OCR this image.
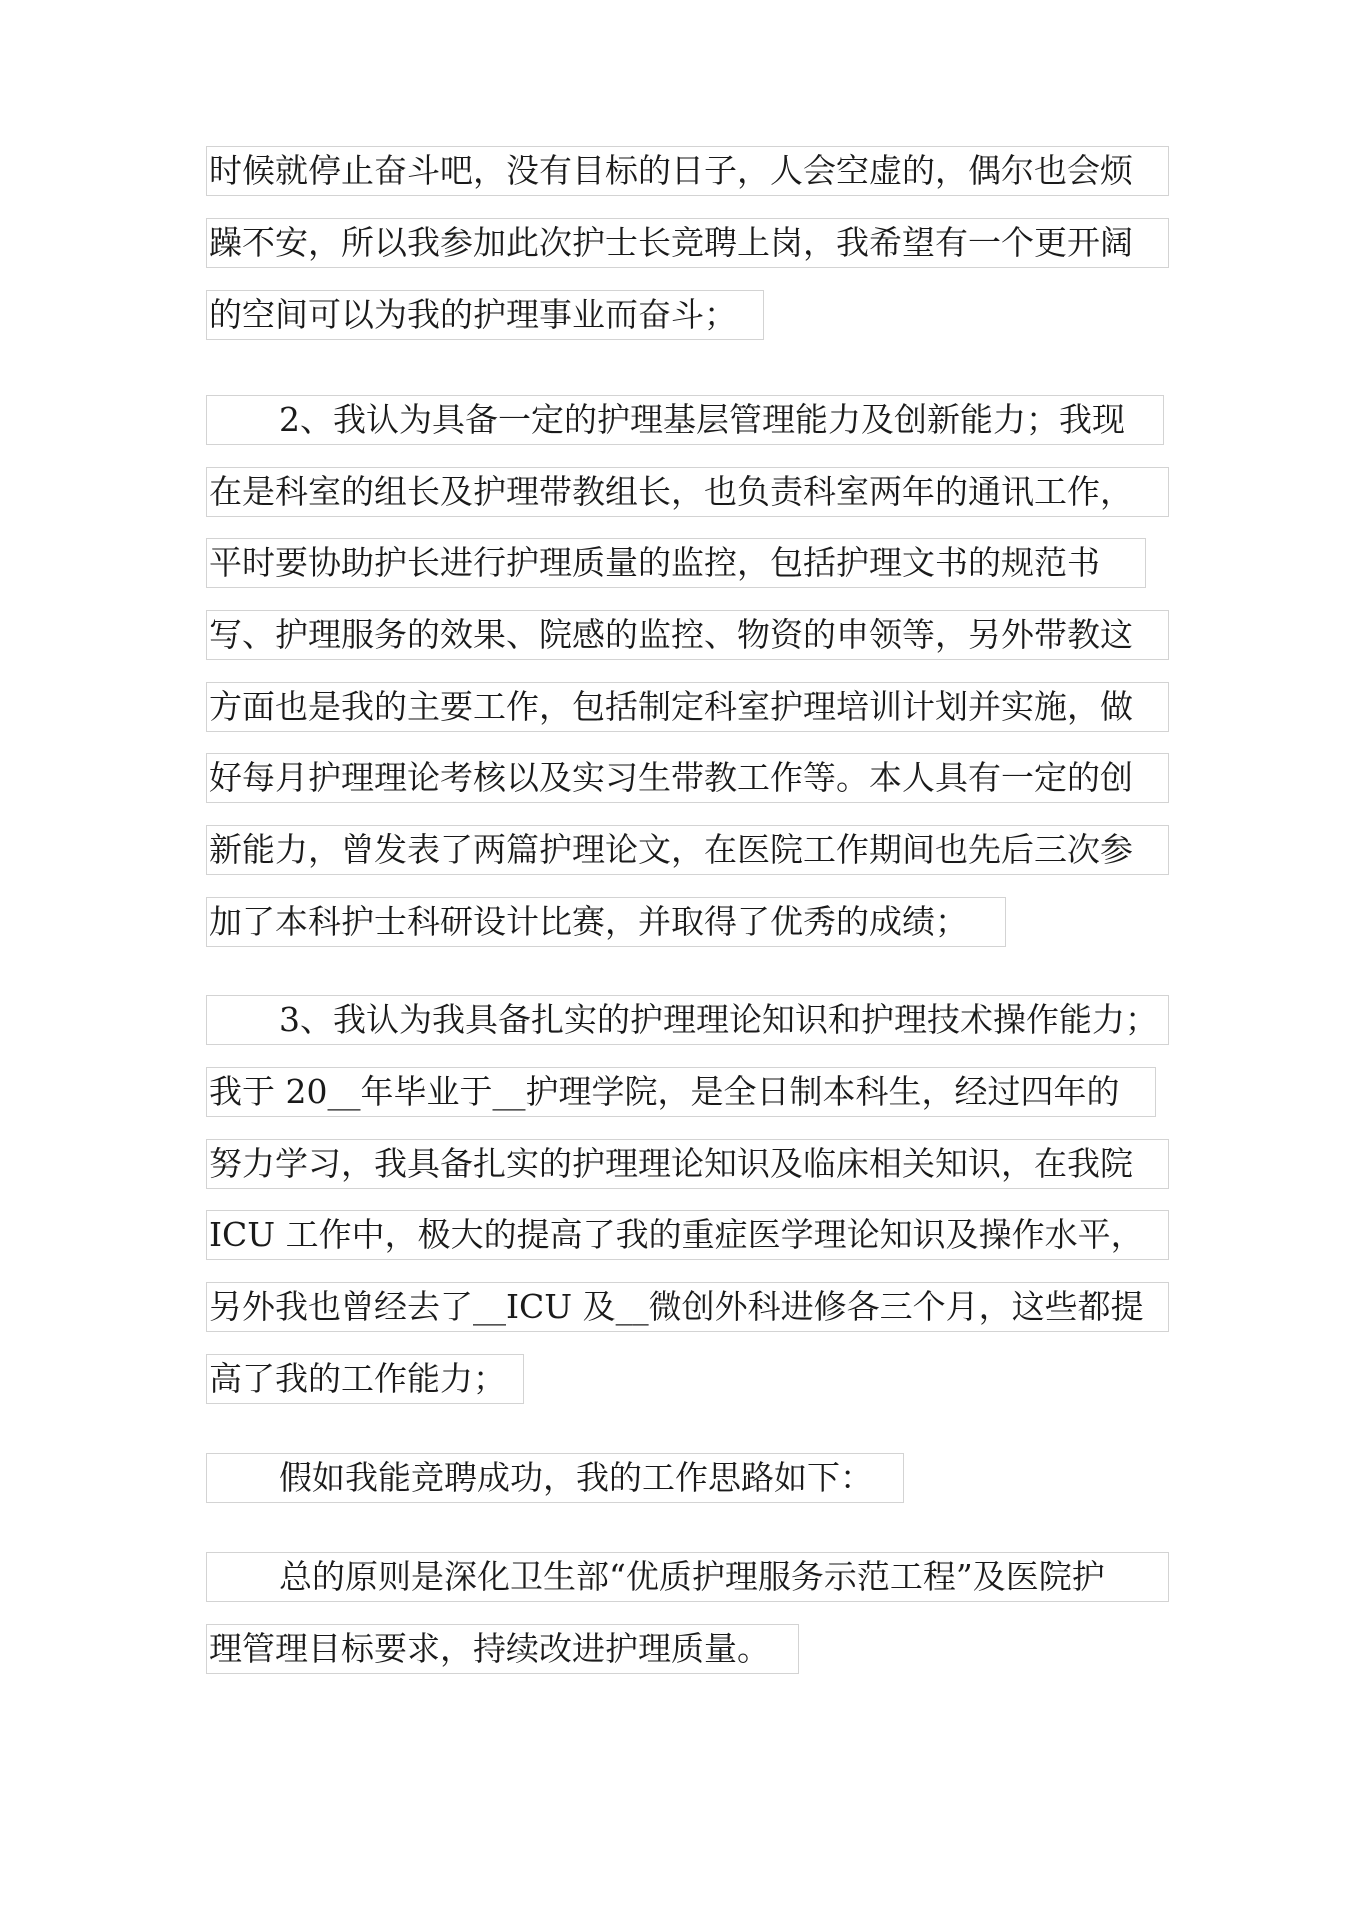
时候就停止奋斗吧，没有目标的日子，人会空虚的，偶尔也会烦
躁不安，所以我参加此次护士长竞聘上岗，我希望有一个更开阔
的空间可以为我的护理事业而奋斗；
2、我认为具备一定的护理基层管理能力及创新能力；我现
在是科室的组长及护理带教组长，也负责科室两年的通讯工作，
平时要协助护长进行护理质量的监控，包括护理文书的规范书
写、护理服务的效果、院感的监控、物资的申领等，另外带教这
方面也是我的主要工作，包括制定科室护理培训计划并实施，做
好每月护理理论考核以及实习生带教工作等。本人具有一定的创
新能力，曾发表了两篇护理论文，在医院工作期间也先后三次参
加了本科护士科研设计比赛，并取得了优秀的成绩；
3、我认为我具备扎实的护理理论知识和护理技术操作能力；
我于 20__年毕业于__护理学院，是全日制本科生，经过四年的
努力学习，我具备扎实的护理理论知识及临床相关知识，在我院
ICU 工作中，极大的提高了我的重症医学理论知识及操作水平，
另外我也曾经去了__ICU 及__微创外科进修各三个月，这些都提
高了我的工作能力；
假如我能竞聘成功，我的工作思路如下：
总的原则是深化卫生部“优质护理服务示范工程”及医院护
理管理目标要求，持续改进护理质量。
